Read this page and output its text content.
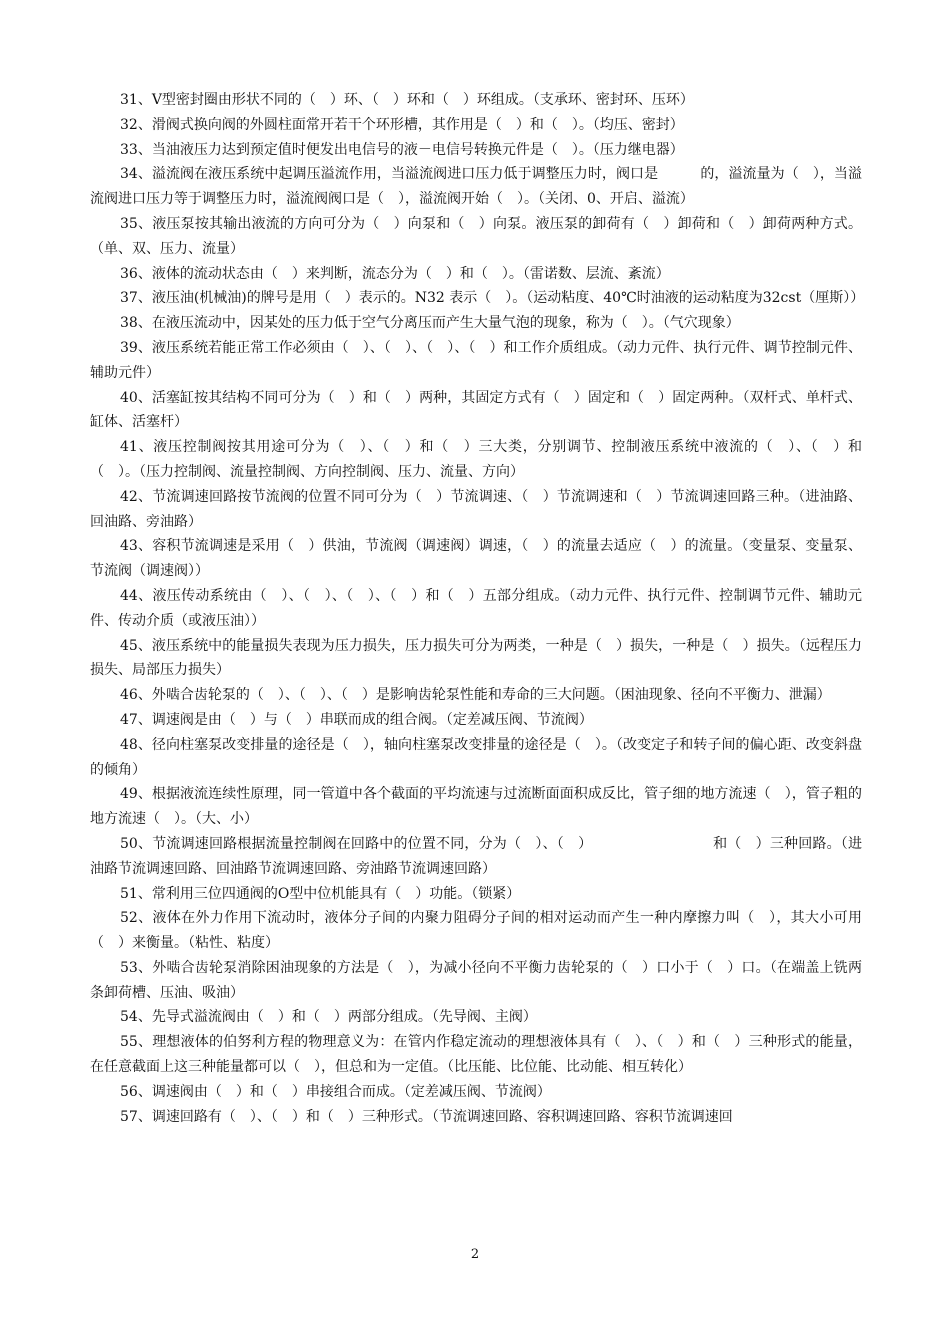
31、V型密封圈由形状不同的（　）环、（　）环和（　）环组成。（支承环、密封环、压环）

32、滑阀式换向阀的外圆柱面常开若干个环形槽，其作用是（　）和（　）。（均压、密封）

33、当油液压力达到预定值时便发出电信号的液－电信号转换元件是（　）。（压力继电器）

34、溢流阀在液压系统中起调压溢流作用，当溢流阀进口压力低于调整压力时，阀口是　　　的，溢流量为（　），当溢流阀进口压力等于调整压力时，溢流阀阀口是（　），溢流阀开始（　）。（关闭、0、开启、溢流）

35、液压泵按其输出液流的方向可分为（　）向泵和（　）向泵。液压泵的卸荷有（　）卸荷和（　）卸荷两种方式。（单、双、压力、流量）

36、液体的流动状态由（　）来判断，流态分为（　）和（　）。（雷诺数、层流、紊流）

37、液压油(机械油)的牌号是用（　）表示的。N32 表示（　）。（运动粘度、40℃时油液的运动粘度为32cst（厘斯））

38、在液压流动中，因某处的压力低于空气分离压而产生大量气泡的现象，称为（　）。（气穴现象）

39、液压系统若能正常工作必须由（　）、（　）、（　）、（　）和工作介质组成。（动力元件、执行元件、调节控制元件、辅助元件）

40、活塞缸按其结构不同可分为（　）和（　）两种，其固定方式有（　）固定和（　）固定两种。（双杆式、单杆式、缸体、活塞杆）

41、液压控制阀按其用途可分为（　）、（　）和（　）三大类，分别调节、控制液压系统中液流的（　）、（　）和（　）。（压力控制阀、流量控制阀、方向控制阀、压力、流量、方向）

42、节流调速回路按节流阀的位置不同可分为（　）节流调速、（　）节流调速和（　）节流调速回路三种。（进油路、回油路、旁油路）

43、容积节流调速是采用（　）供油，节流阀（调速阀）调速，（　）的流量去适应（　）的流量。（变量泵、变量泵、节流阀（调速阀））

44、液压传动系统由（　）、（　）、（　）、（　）和（　）五部分组成。（动力元件、执行元件、控制调节元件、辅助元件、传动介质（或液压油））

45、液压系统中的能量损失表现为压力损失，压力损失可分为两类，一种是（　）损失，一种是（　）损失。（远程压力损失、局部压力损失）

46、外啮合齿轮泵的（　）、（　）、（　）是影响齿轮泵性能和寿命的三大问题。（困油现象、径向不平衡力、泄漏）

47、调速阀是由（　）与（　）串联而成的组合阀。（定差减压阀、节流阀）

48、径向柱塞泵改变排量的途径是（　），轴向柱塞泵改变排量的途径是（　）。（改变定子和转子间的偏心距、改变斜盘的倾角）

49、根据液流连续性原理，同一管道中各个截面的平均流速与过流断面面积成反比，管子细的地方流速（　），管子粗的地方流速（　）。（大、小）

50、节流调速回路根据流量控制阀在回路中的位置不同，分为（　）、（　）　　　　　　　　　和（　）三种回路。（进油路节流调速回路、回油路节流调速回路、旁油路节流调速回路）

51、常利用三位四通阀的O型中位机能具有（　）功能。（锁紧）

52、液体在外力作用下流动时，液体分子间的内聚力阻碍分子间的相对运动而产生一种内摩擦力叫（　），其大小可用（　）来衡量。（粘性、粘度）

53、外啮合齿轮泵消除困油现象的方法是（　），为减小径向不平衡力齿轮泵的（　）口小于（　）口。（在端盖上铣两条卸荷槽、压油、吸油）

54、先导式溢流阀由（　）和（　）两部分组成。（先导阀、主阀）

55、理想液体的伯努利方程的物理意义为：在管内作稳定流动的理想液体具有（　）、（　）和（　）三种形式的能量，在任意截面上这三种能量都可以（　），但总和为一定值。（比压能、比位能、比动能、相互转化）

56、调速阀由（　）和（　）串接组合而成。（定差减压阀、节流阀）

57、调速回路有（　）、（　）和（　）三种形式。（节流调速回路、容积调速回路、容积节流调速回

2
